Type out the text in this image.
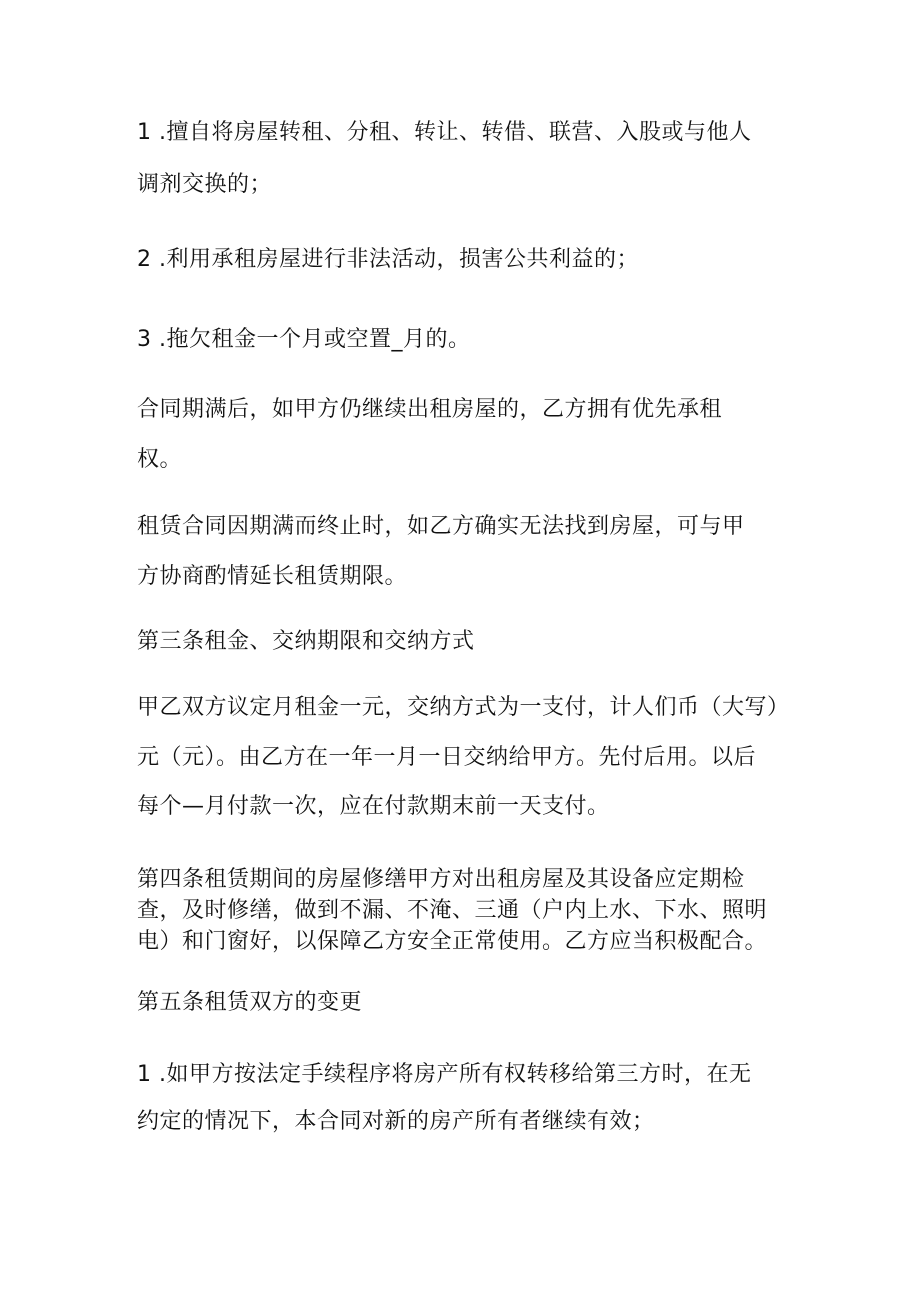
1 .擅自将房屋转租、分租、转让、转借、联营、入股或与他人
调剂交换的；
2 .利用承租房屋进行非法活动，损害公共利益的；
3 .拖欠租金一个月或空置_月的。
合同期满后，如甲方仍继续出租房屋的，乙方拥有优先承租
权。
租赁合同因期满而终止时，如乙方确实无法找到房屋，可与甲
方协商酌情延长租赁期限。
第三条租金、交纳期限和交纳方式
甲乙双方议定月租金一元，交纳方式为一支付，计人们币（大写）
元（元）。由乙方在一年一月一日交纳给甲方。先付后用。以后
每个—月付款一次，应在付款期末前一天支付。
第四条租赁期间的房屋修缮甲方对出租房屋及其设备应定期检
查，及时修缮，做到不漏、不淹、三通（户内上水、下水、照明
电）和门窗好，以保障乙方安全正常使用。乙方应当积极配合。
第五条租赁双方的变更
1 .如甲方按法定手续程序将房产所有权转移给第三方时，在无
约定的情况下，本合同对新的房产所有者继续有效；
